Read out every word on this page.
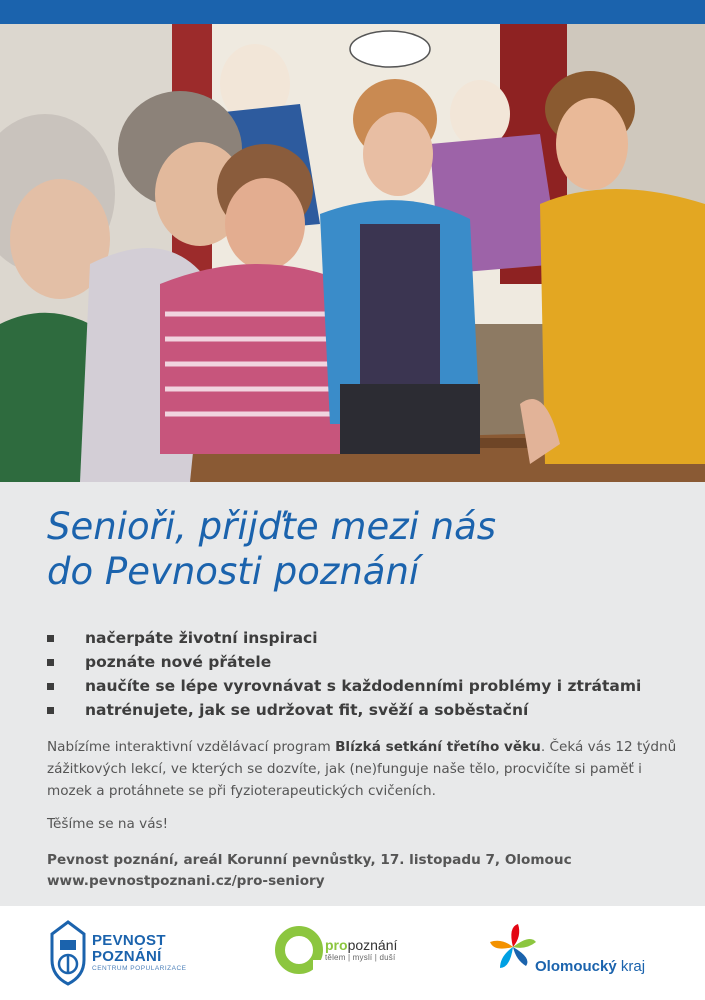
Senioři, přijďte mezi nás
do Pevnosti poznání
načerpáte životní inspiraci
poznáte nové přátele
naučíte se lépe vyrovnávat s každodenními problémy i ztrátami
natrénujete, jak se udržovat fit, svěží a soběstační

Nabízíme interaktivní vzdělávací program Blízká setkání třetího věku. Čeká vás 12 týdnů zážitkových lekcí, ve kterých se dozvíte, jak (ne)funguje naše tělo, procvičíte si paměť i mozek a protáhnete se při fyzioterapeutických cvičeních.

Těšíme se na vás!

Pevnost poznání, areál Korunní pevnůstky, 17. listopadu 7, Olomouc
www.pevnostpoznani.cz/pro-seniory
PEVNOST
POZNÁNÍ
CENTRUM POPULARIZACE
propoznání
tělem | myslí | duší
Olomoucký kraj
